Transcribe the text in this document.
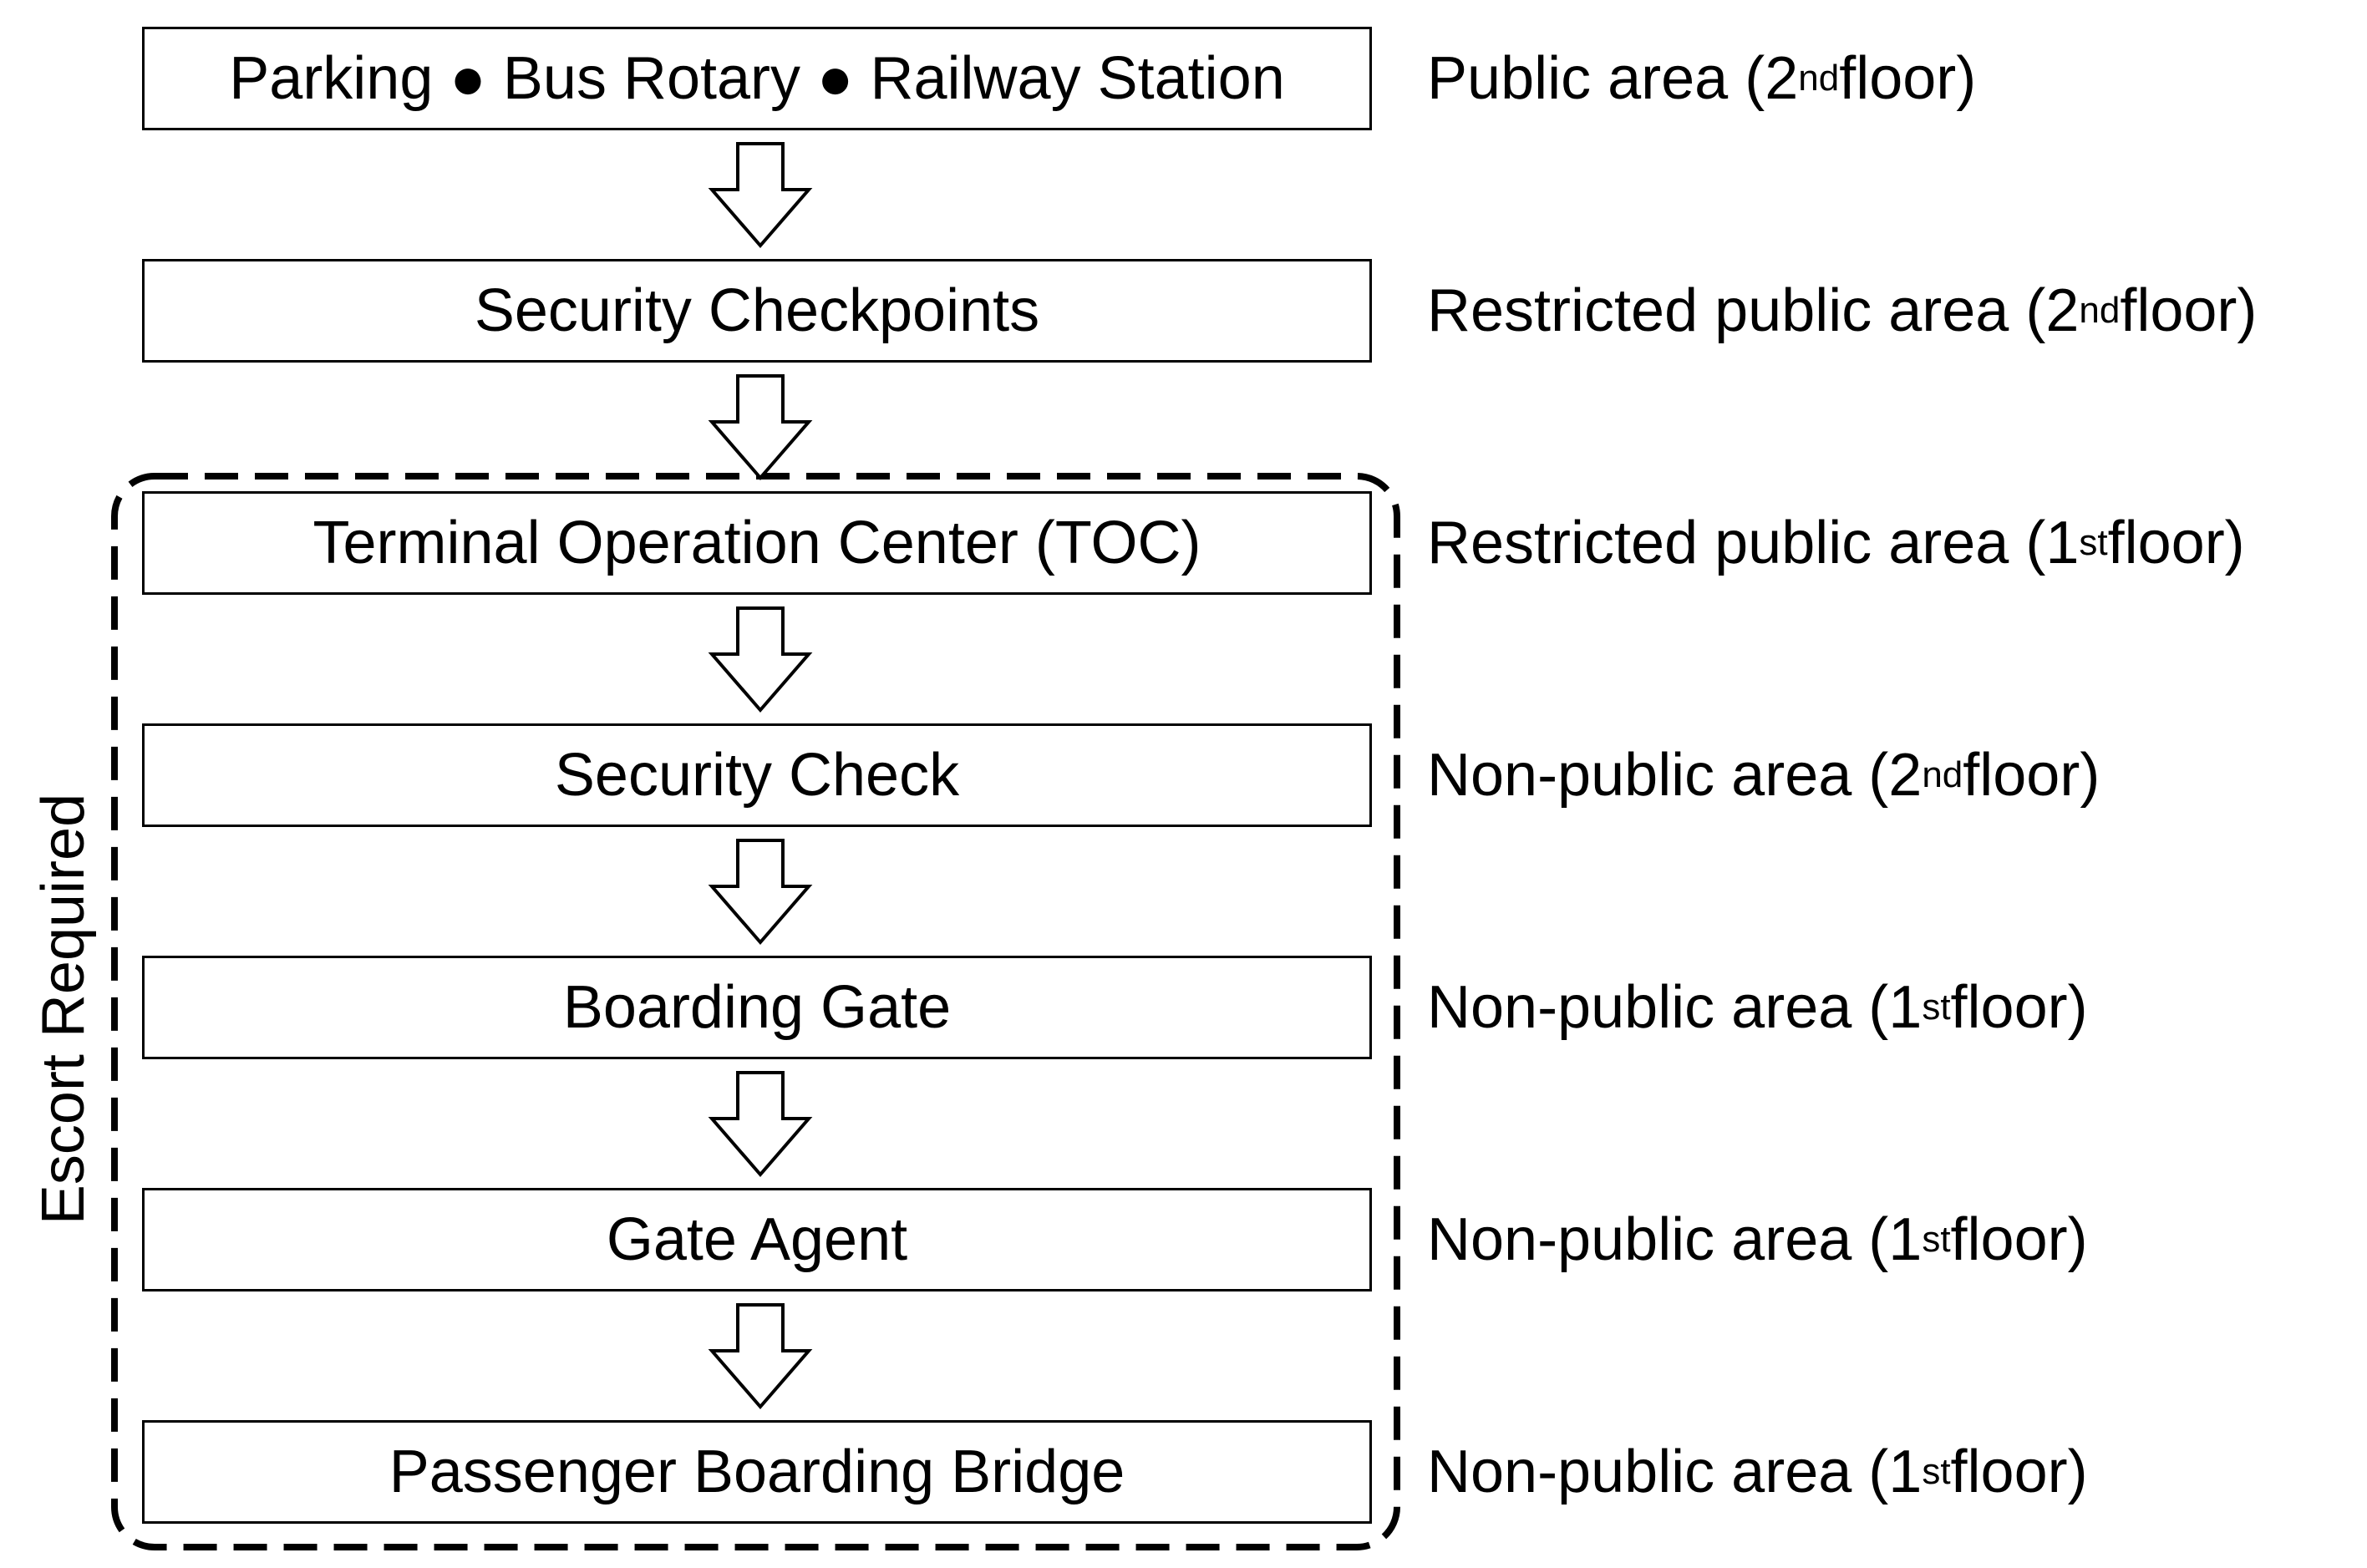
Parking ● Bus Rotary ● Railway Station
Security Checkpoints
Terminal Operation Center (TOC)
Security Check
Boarding Gate
Gate Agent
Passenger Boarding Bridge
Public area (2 nd floor)
Restricted public area (2 nd floor)
Restricted public area (1 st floor)
Non-public area (2 nd floor)
Non-public area (1 st floor)
Non-public area (1 st floor)
Non-public area (1 st floor)
Escort Required
